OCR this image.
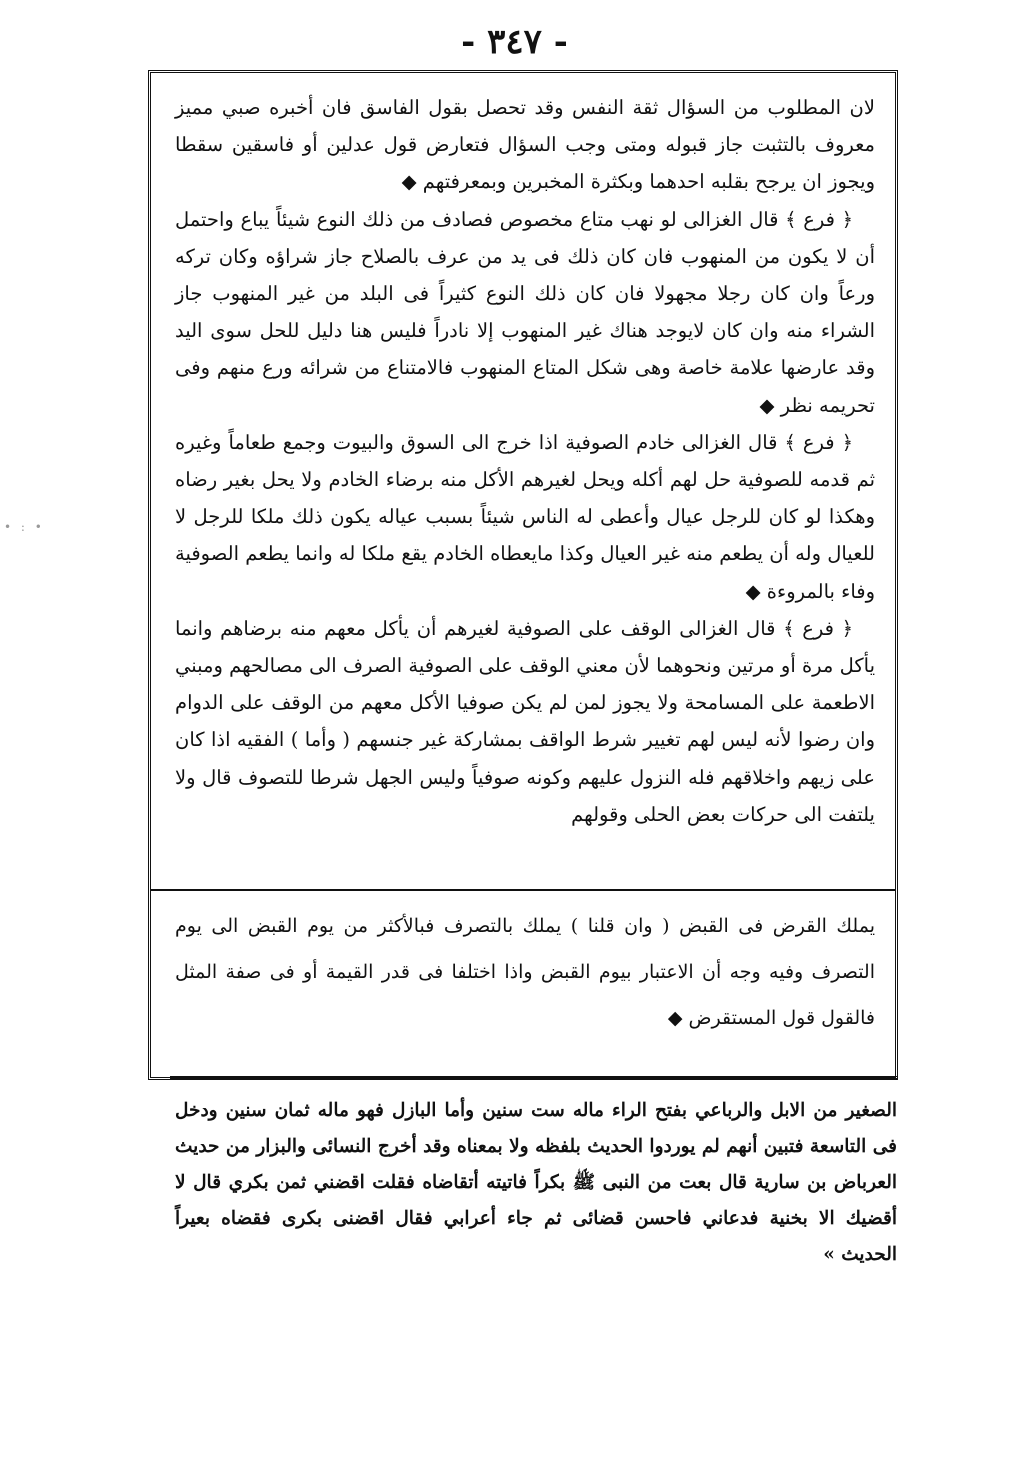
- ٣٤٧ -

لان المطلوب من السؤال ثقة النفس وقد تحصل بقول الفاسق فان أخبره صبي مميز معروف بالتثبت جاز قبوله ومتى وجب السؤال فتعارض قول عدلين أو فاسقين سقطا ويجوز ان يرجح بقلبه احدهما وبكثرة المخبرين وبمعرفتهم ◆

﴿ فرع ﴾ قال الغزالى لو نهب متاع مخصوص فصادف من ذلك النوع شيئاً يباع واحتمل أن لا يكون من المنهوب فان كان ذلك فى يد من عرف بالصلاح جاز شراؤه وكان تركه ورعاً وان كان رجلا مجهولا فان كان ذلك النوع كثيراً فى البلد من غير المنهوب جاز الشراء منه وان كان لايوجد هناك غير المنهوب إلا نادراً فليس هنا دليل للحل سوى اليد وقد عارضها علامة خاصة وهى شكل المتاع المنهوب فالامتناع من شرائه ورع منهم وفى تحريمه نظر ◆

﴿ فرع ﴾ قال الغزالى خادم الصوفية اذا خرج الى السوق والبيوت وجمع طعاماً وغيره ثم قدمه للصوفية حل لهم أكله ويحل لغيرهم الأكل منه برضاء الخادم ولا يحل بغير رضاه وهكذا لو كان للرجل عيال وأعطى له الناس شيئاً بسبب عياله يكون ذلك ملكا للرجل لا للعيال وله أن يطعم منه غير العيال وكذا مايعطاه الخادم يقع ملكا له وانما يطعم الصوفية وفاء بالمروءة ◆

﴿ فرع ﴾ قال الغزالى الوقف على الصوفية لغيرهم أن يأكل معهم منه برضاهم وانما يأكل مرة أو مرتين ونحوهما لأن معني الوقف على الصوفية الصرف الى مصالحهم ومبني الاطعمة على المسامحة ولا يجوز لمن لم يكن صوفيا الأكل معهم من الوقف على الدوام وان رضوا لأنه ليس لهم تغيير شرط الواقف بمشاركة غير جنسهم ( وأما ) الفقيه اذا كان على زيهم واخلاقهم فله النزول عليهم وكونه صوفياً وليس الجهل شرطا للتصوف قال ولا يلتفت الى حركات بعض الحلى وقولهم

يملك القرض فى القبض ( وان قلنا ) يملك بالتصرف فبالأكثر من يوم القبض الى يوم التصرف وفيه وجه أن الاعتبار بيوم القبض واذا اختلفا فى قدر القيمة أو فى صفة المثل فالقول قول المستقرض ◆

الصغير من الابل والرباعي بفتح الراء ماله ست سنين وأما البازل فهو ماله ثمان سنين ودخل فى التاسعة فتبين أنهم لم يوردوا الحديث بلفظه ولا بمعناه وقد أخرج النسائى والبزار من حديث العرباض بن سارية قال بعت من النبى ﷺ بكراً فاتيته أتقاضاه فقلت اقضني ثمن بكري قال لا أقضيك الا بخنية فدعاني فاحسن قضائى ثم جاء أعرابي فقال اقضنى بكرى فقضاه بعيراً الحديث »

• : •
